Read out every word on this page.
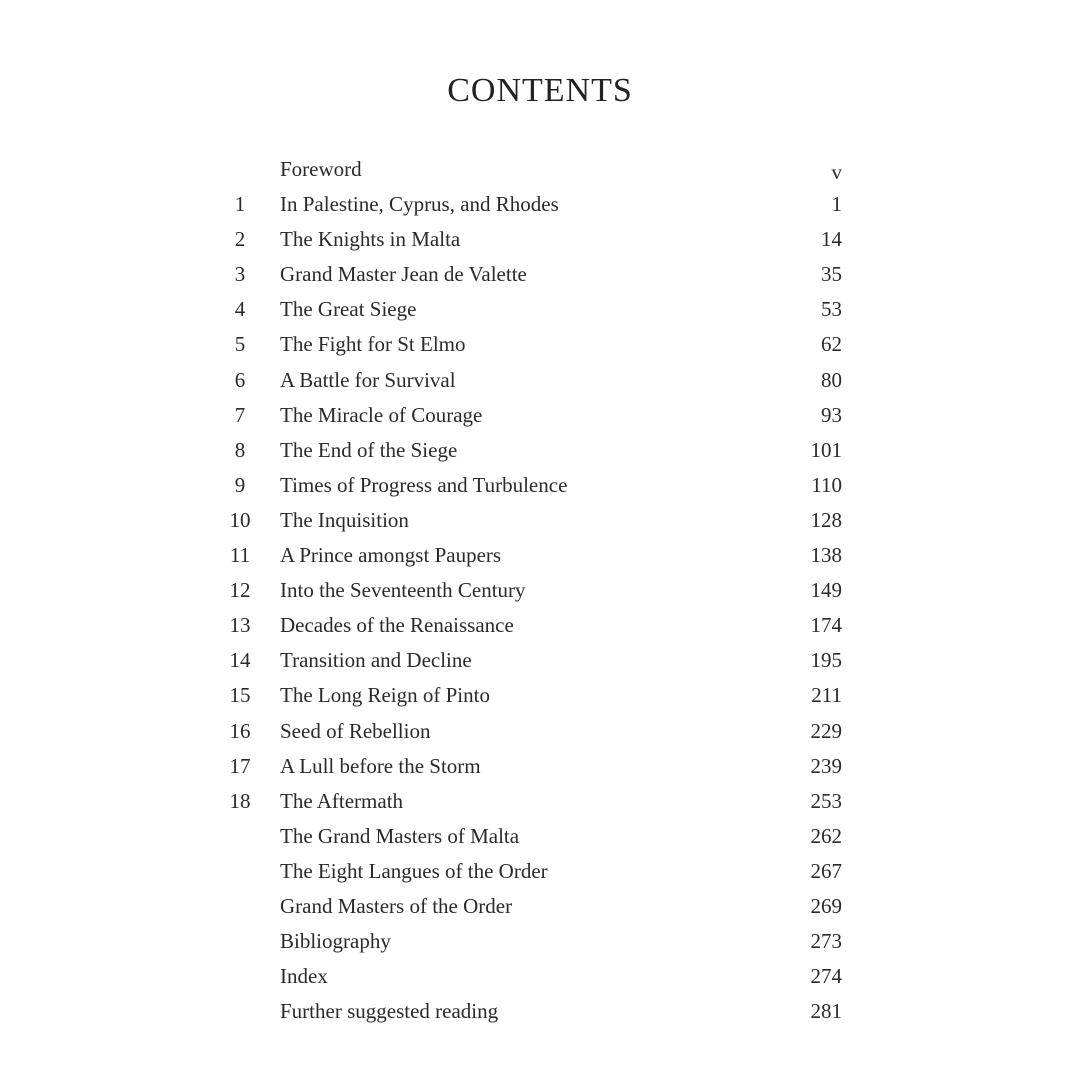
CONTENTS
Foreword	v
1	In Palestine, Cyprus, and Rhodes	1
2	The Knights in Malta	14
3	Grand Master Jean de Valette	35
4	The Great Siege	53
5	The Fight for St Elmo	62
6	A Battle for Survival	80
7	The Miracle of Courage	93
8	The End of the Siege	101
9	Times of Progress and Turbulence	110
10	The Inquisition	128
11	A Prince amongst Paupers	138
12	Into the Seventeenth Century	149
13	Decades of the Renaissance	174
14	Transition and Decline	195
15	The Long Reign of Pinto	211
16	Seed of Rebellion	229
17	A Lull before the Storm	239
18	The Aftermath	253
The Grand Masters of Malta	262
The Eight Langues of the Order	267
Grand Masters of the Order	269
Bibliography	273
Index	274
Further suggested reading	281
